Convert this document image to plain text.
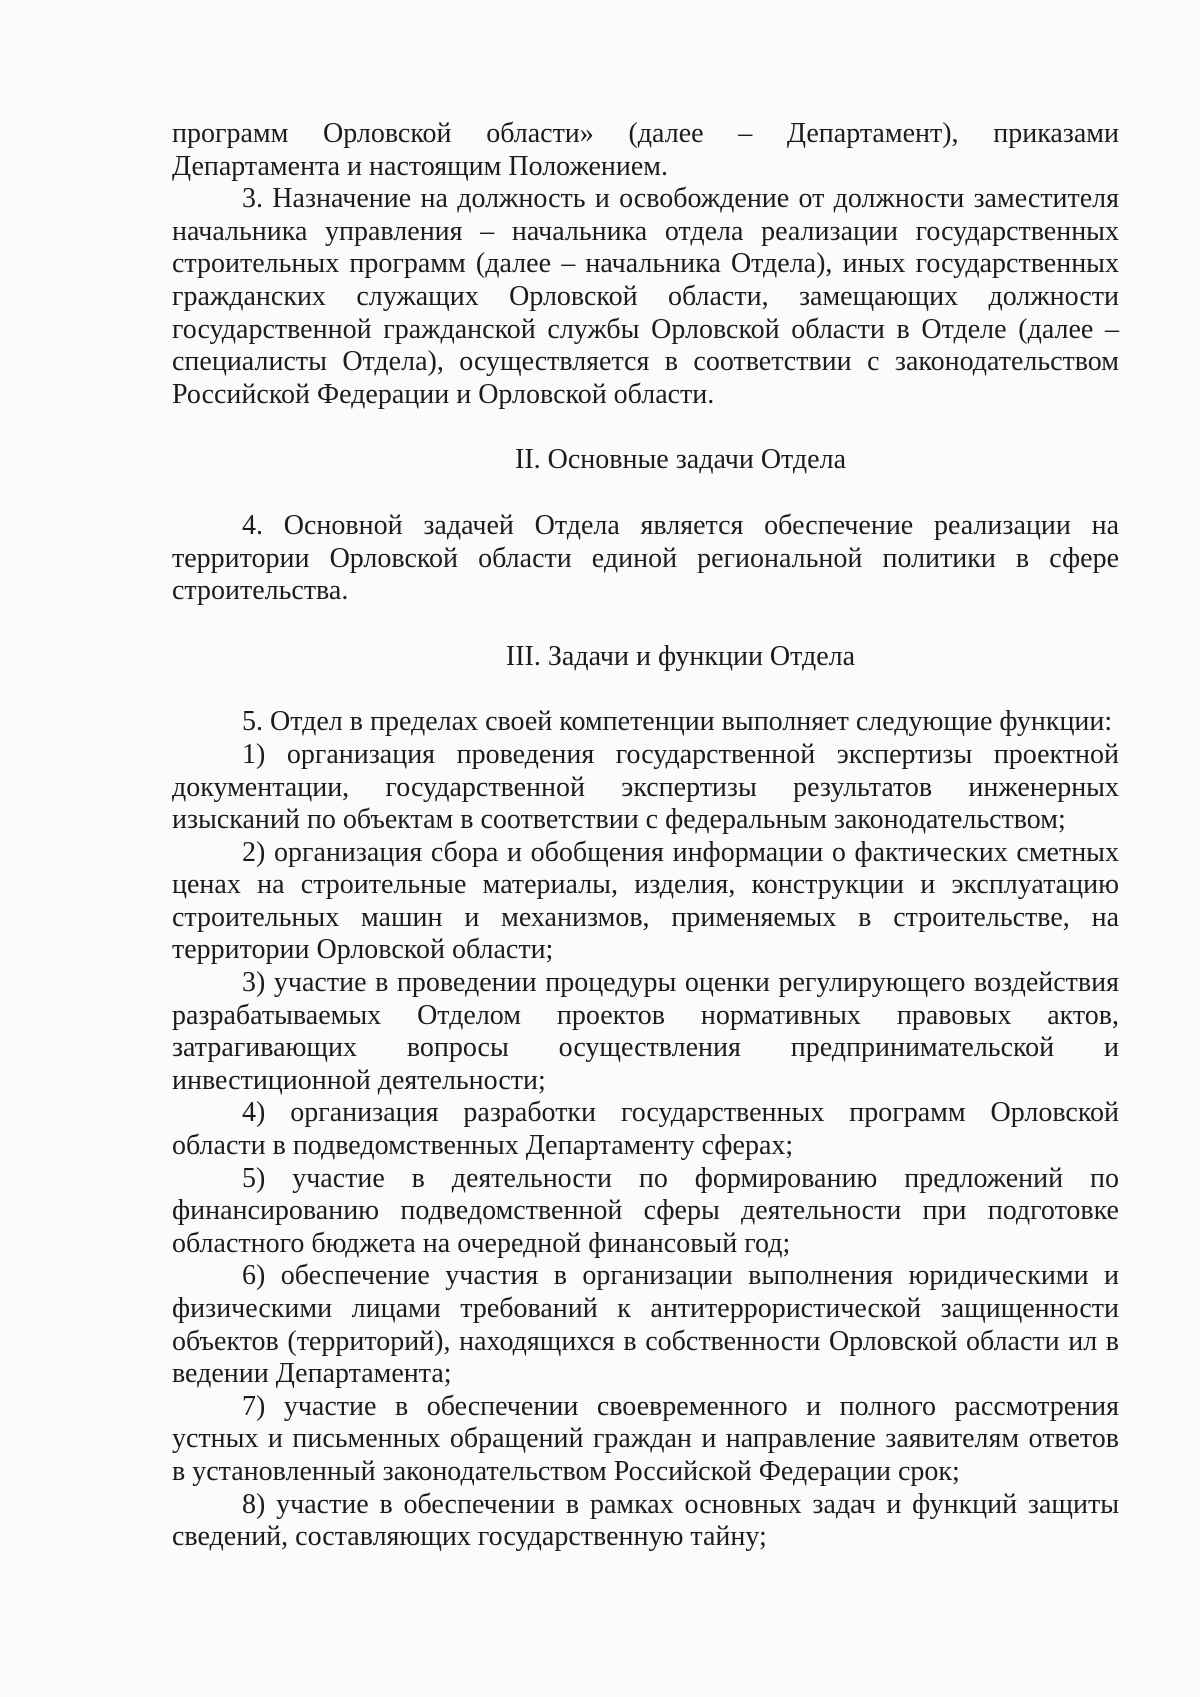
программ Орловской области» (далее – Департамент), приказами Департамента и настоящим Положением.

3. Назначение на должность и освобождение от должности заместителя начальника управления – начальника отдела реализации государственных строительных программ (далее – начальника Отдела), иных государственных гражданских служащих Орловской области, замещающих должности государственной гражданской службы Орловской области в Отделе (далее – специалисты Отдела), осуществляется в соответствии с законодательством Российской Федерации и Орловской области.

II. Основные задачи Отдела

4. Основной задачей Отдела является обеспечение реализации на территории Орловской области единой региональной политики в сфере строительства.

III. Задачи и функции Отдела

5. Отдел в пределах своей компетенции выполняет следующие функции:

1) организация проведения государственной экспертизы проектной документации, государственной экспертизы результатов инженерных изысканий по объектам в соответствии с федеральным законодательством;

2) организация сбора и обобщения информации о фактических сметных ценах на строительные материалы, изделия, конструкции и эксплуатацию строительных машин и механизмов, применяемых в строительстве, на территории Орловской области;

3) участие в проведении процедуры оценки регулирующего воздействия разрабатываемых Отделом проектов нормативных правовых актов, затрагивающих вопросы осуществления предпринимательской и инвестиционной деятельности;

4) организация разработки государственных программ Орловской области в подведомственных Департаменту сферах;

5) участие в деятельности по формированию предложений по финансированию подведомственной сферы деятельности при подготовке областного бюджета на очередной финансовый год;

6) обеспечение участия в организации выполнения юридическими и физическими лицами требований к антитеррористической защищенности объектов (территорий), находящихся в собственности Орловской области ил в ведении Департамента;

7) участие в обеспечении своевременного и полного рассмотрения устных и письменных обращений граждан и направление заявителям ответов в установленный законодательством Российской Федерации срок;

8) участие в обеспечении в рамках основных задач и функций защиты сведений, составляющих государственную тайну;
